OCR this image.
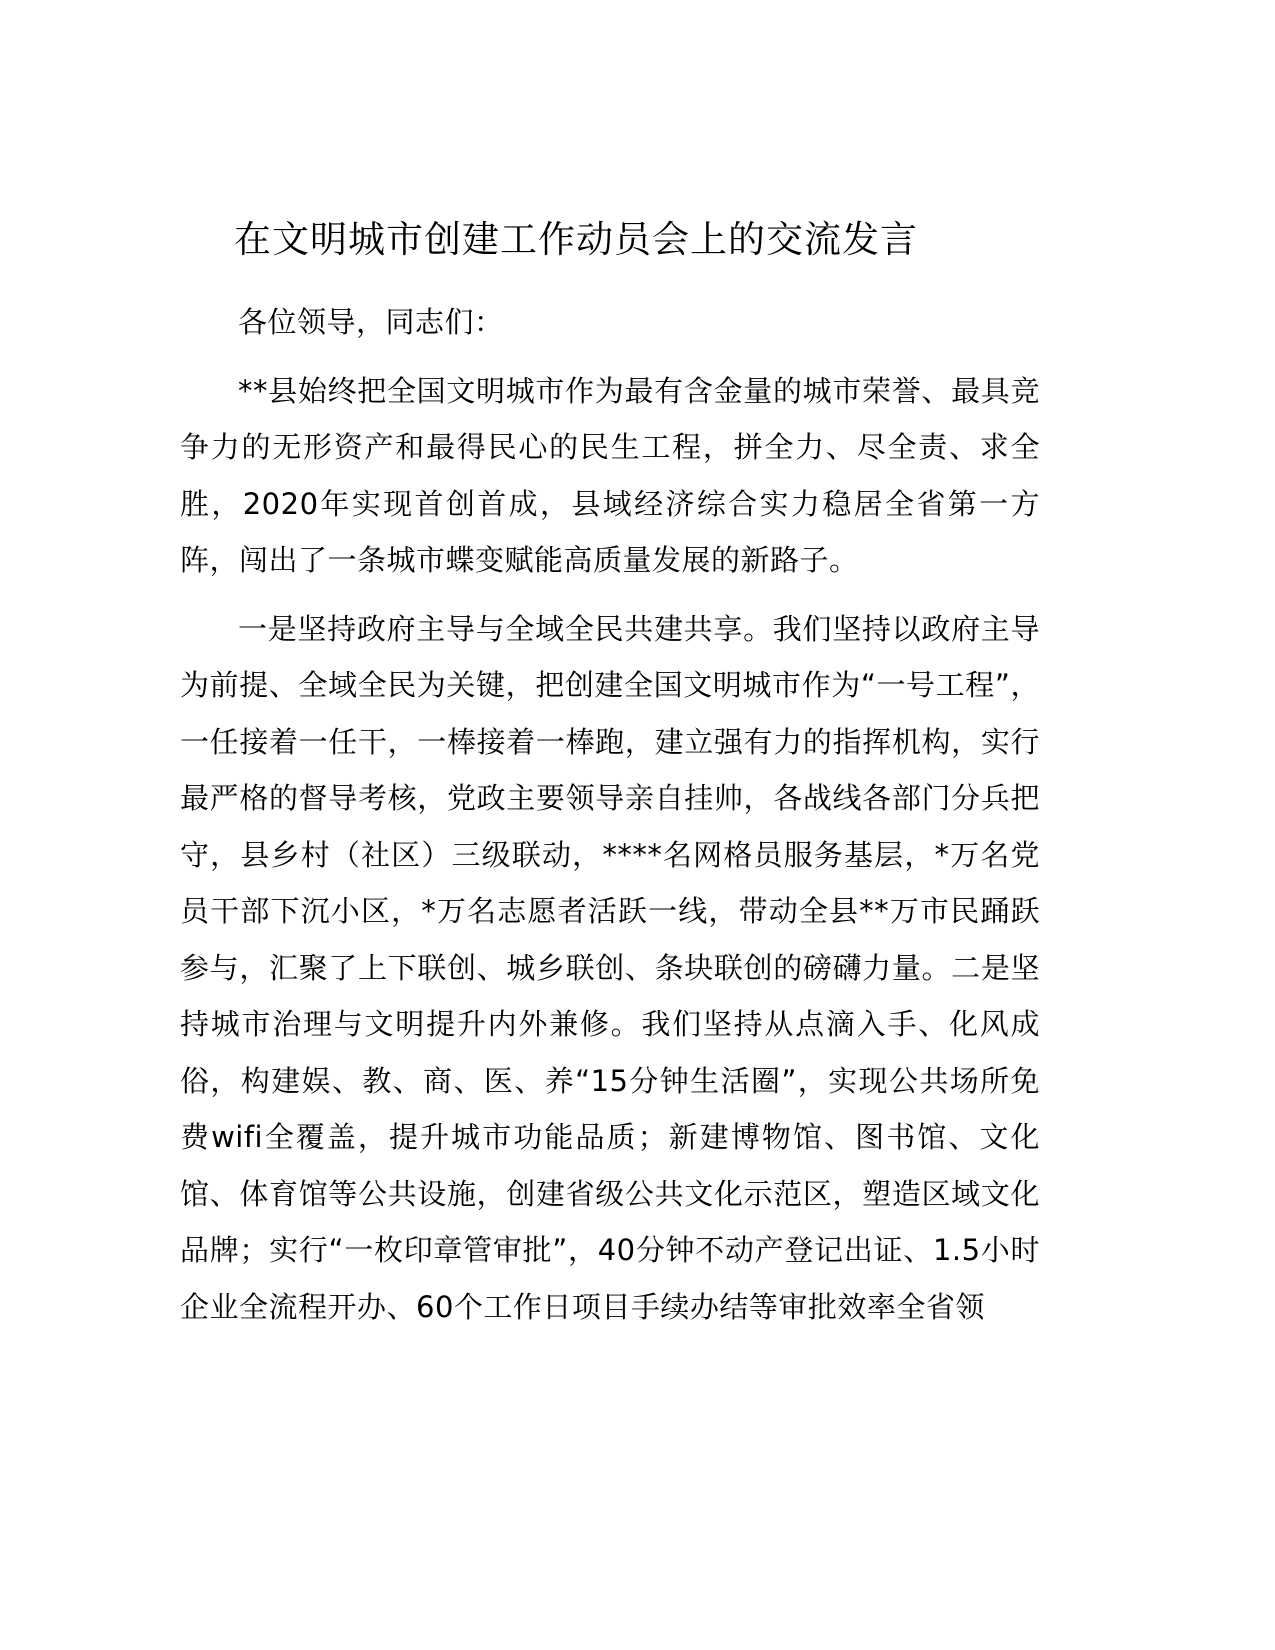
在文明城市创建工作动员会上的交流发言

各位领导，同志们：

**县始终把全国文明城市作为最有含金量的城市荣誉、最具竞争力的无形资产和最得民心的民生工程，拼全力、尽全责、求全胜，2020年实现首创首成，县域经济综合实力稳居全省第一方阵，闯出了一条城市蝶变赋能高质量发展的新路子。

一是坚持政府主导与全域全民共建共享。我们坚持以政府主导为前提、全域全民为关键，把创建全国文明城市作为“一号工程”，一任接着一任干，一棒接着一棒跑，建立强有力的指挥机构，实行最严格的督导考核，党政主要领导亲自挂帅，各战线各部门分兵把守，县乡村（社区）三级联动，****名网格员服务基层，*万名党员干部下沉小区，*万名志愿者活跃一线，带动全县**万市民踊跃参与，汇聚了上下联创、城乡联创、条块联创的磅礴力量。二是坚持城市治理与文明提升内外兼修。我们坚持从点滴入手、化风成俗，构建娱、教、商、医、养“15分钟生活圈”，实现公共场所免费wifi全覆盖，提升城市功能品质；新建博物馆、图书馆、文化馆、体育馆等公共设施，创建省级公共文化示范区，塑造区域文化品牌；实行“一枚印章管审批”，40分钟不动产登记出证、1.5小时企业全流程开办、60个工作日项目手续办结等审批效率全省领
